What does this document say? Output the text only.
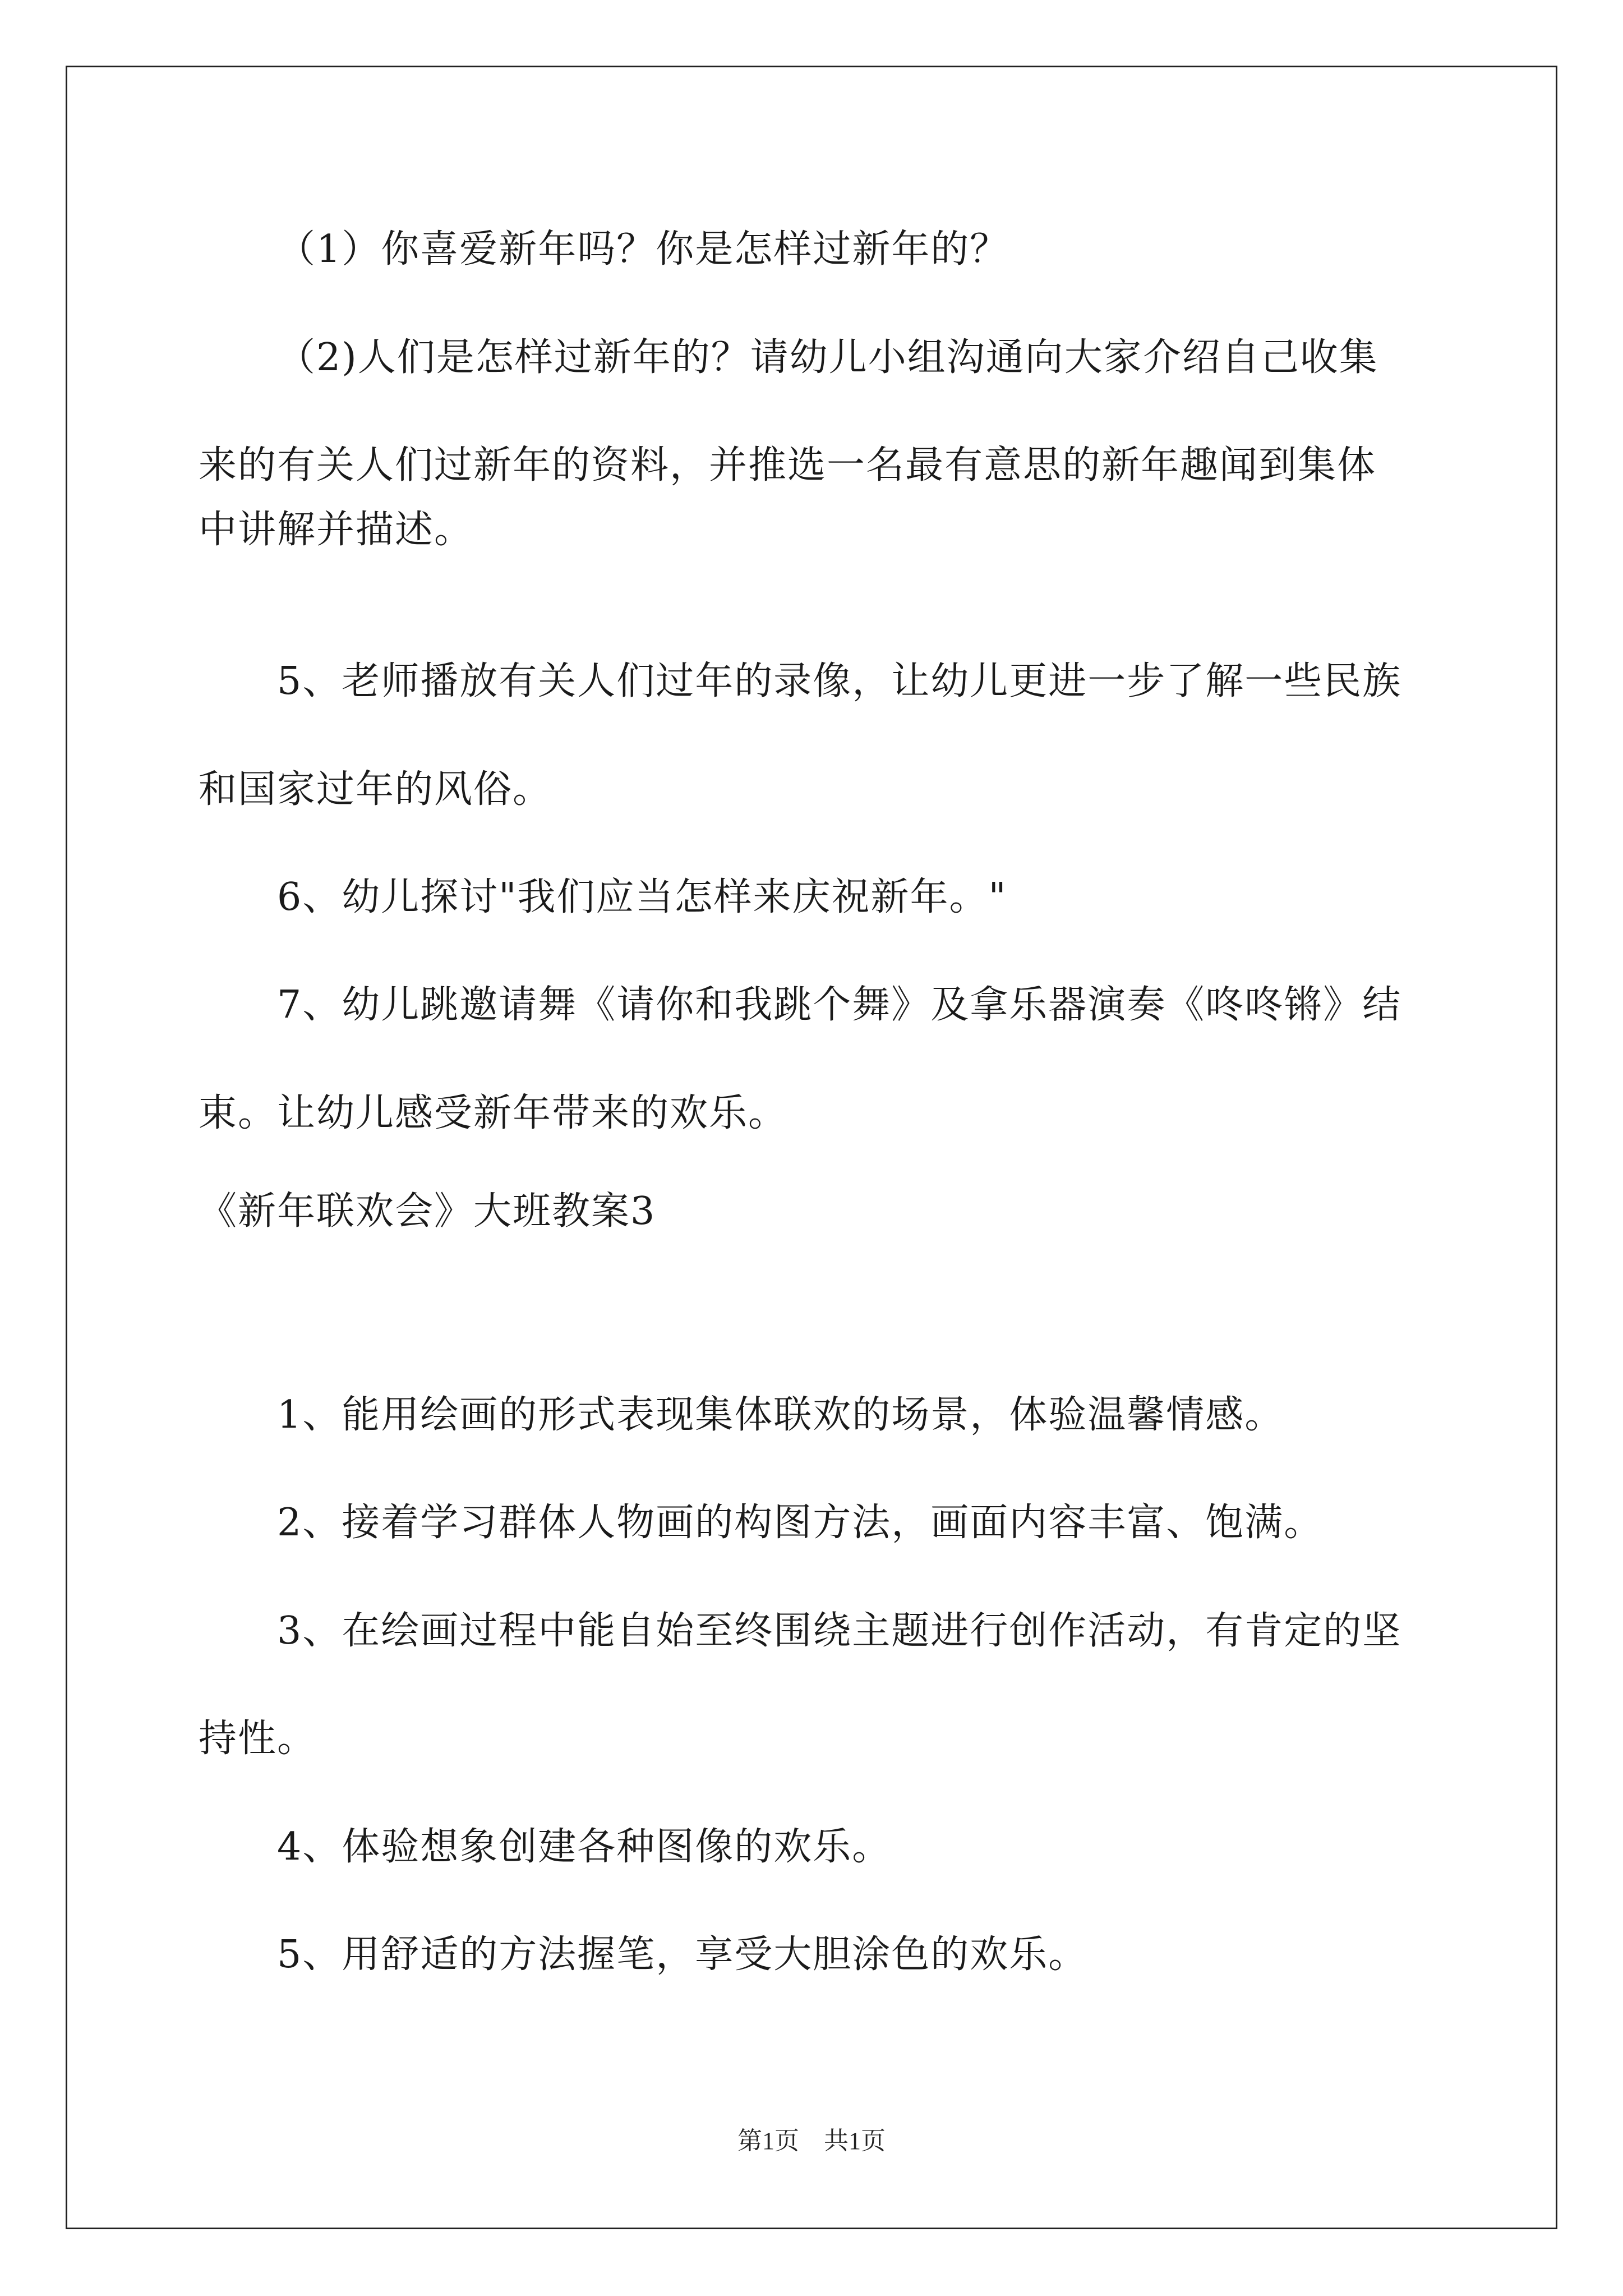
（1）你喜爱新年吗？你是怎样过新年的？
（2)人们是怎样过新年的？请幼儿小组沟通向大家介绍自己收集
来的有关人们过新年的资料，并推选一名最有意思的新年趣闻到集体
中讲解并描述。
5、老师播放有关人们过年的录像，让幼儿更进一步了解一些民族
和国家过年的风俗。
6、幼儿探讨"我们应当怎样来庆祝新年。"
7、幼儿跳邀请舞《请你和我跳个舞》及拿乐器演奏《咚咚锵》结
束。让幼儿感受新年带来的欢乐。
《新年联欢会》大班教案3
1、能用绘画的形式表现集体联欢的场景，体验温馨情感。
2、接着学习群体人物画的构图方法，画面内容丰富、饱满。
3、在绘画过程中能自始至终围绕主题进行创作活动，有肯定的坚
持性。
4、体验想象创建各种图像的欢乐。
5、用舒适的方法握笔，享受大胆涂色的欢乐。
第1页　共1页
